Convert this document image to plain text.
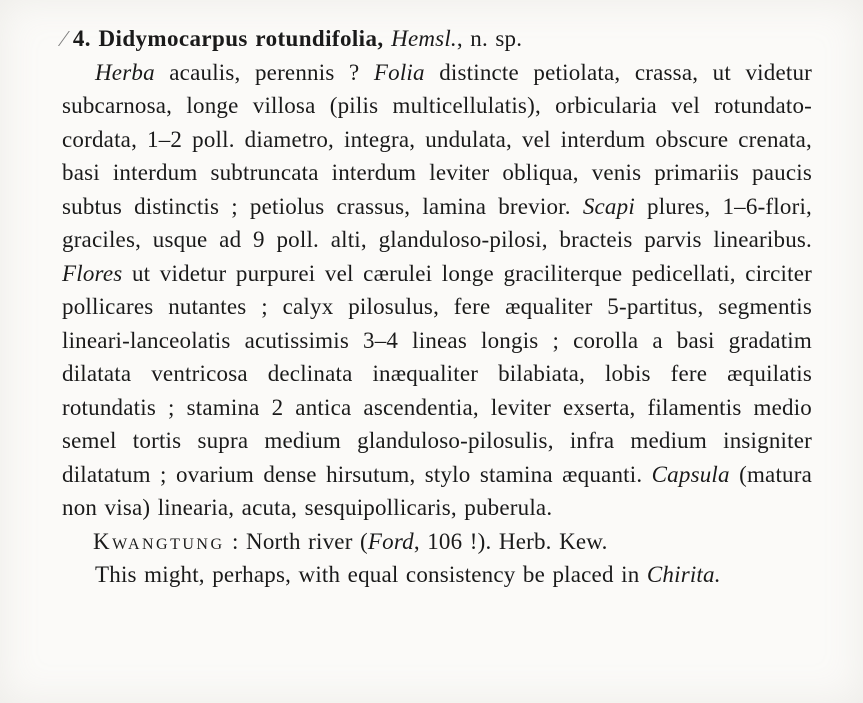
∕ 4. Didymocarpus rotundifolia, Hemsl., n. sp.

Herba acaulis, perennis ? Folia distincte petiolata, crassa, ut videtur subcarnosa, longe villosa (pilis multicellulatis), orbicularia vel rotundato-cordata, 1–2 poll. diametro, integra, undulata, vel interdum obscure crenata, basi interdum subtruncata interdum leviter obliqua, venis primariis paucis subtus distinctis ; petiolus crassus, lamina brevior. Scapi plures, 1–6-flori, graciles, usque ad 9 poll. alti, glanduloso-pilosi, bracteis parvis linearibus. Flores ut videtur purpurei vel cærulei longe graciliterque pedicellati, circiter pollicares nutantes ; calyx pilosulus, fere æqualiter 5-partitus, segmentis lineari-lanceolatis acutissimis 3–4 lineas longis ; corolla a basi gradatim dilatata ventricosa declinata inæqualiter bilabiata, lobis fere æquilatis rotundatis ; stamina 2 antica ascendentia, leviter exserta, filamentis medio semel tortis supra medium glanduloso-pilosulis, infra medium insigniter dilatatum ; ovarium dense hirsutum, stylo stamina æquanti. Capsula (matura non visa) linearia, acuta, sesquipollicaris, puberula.

Kwangtung : North river (Ford, 106 !). Herb. Kew.

This might, perhaps, with equal consistency be placed in Chirita.
